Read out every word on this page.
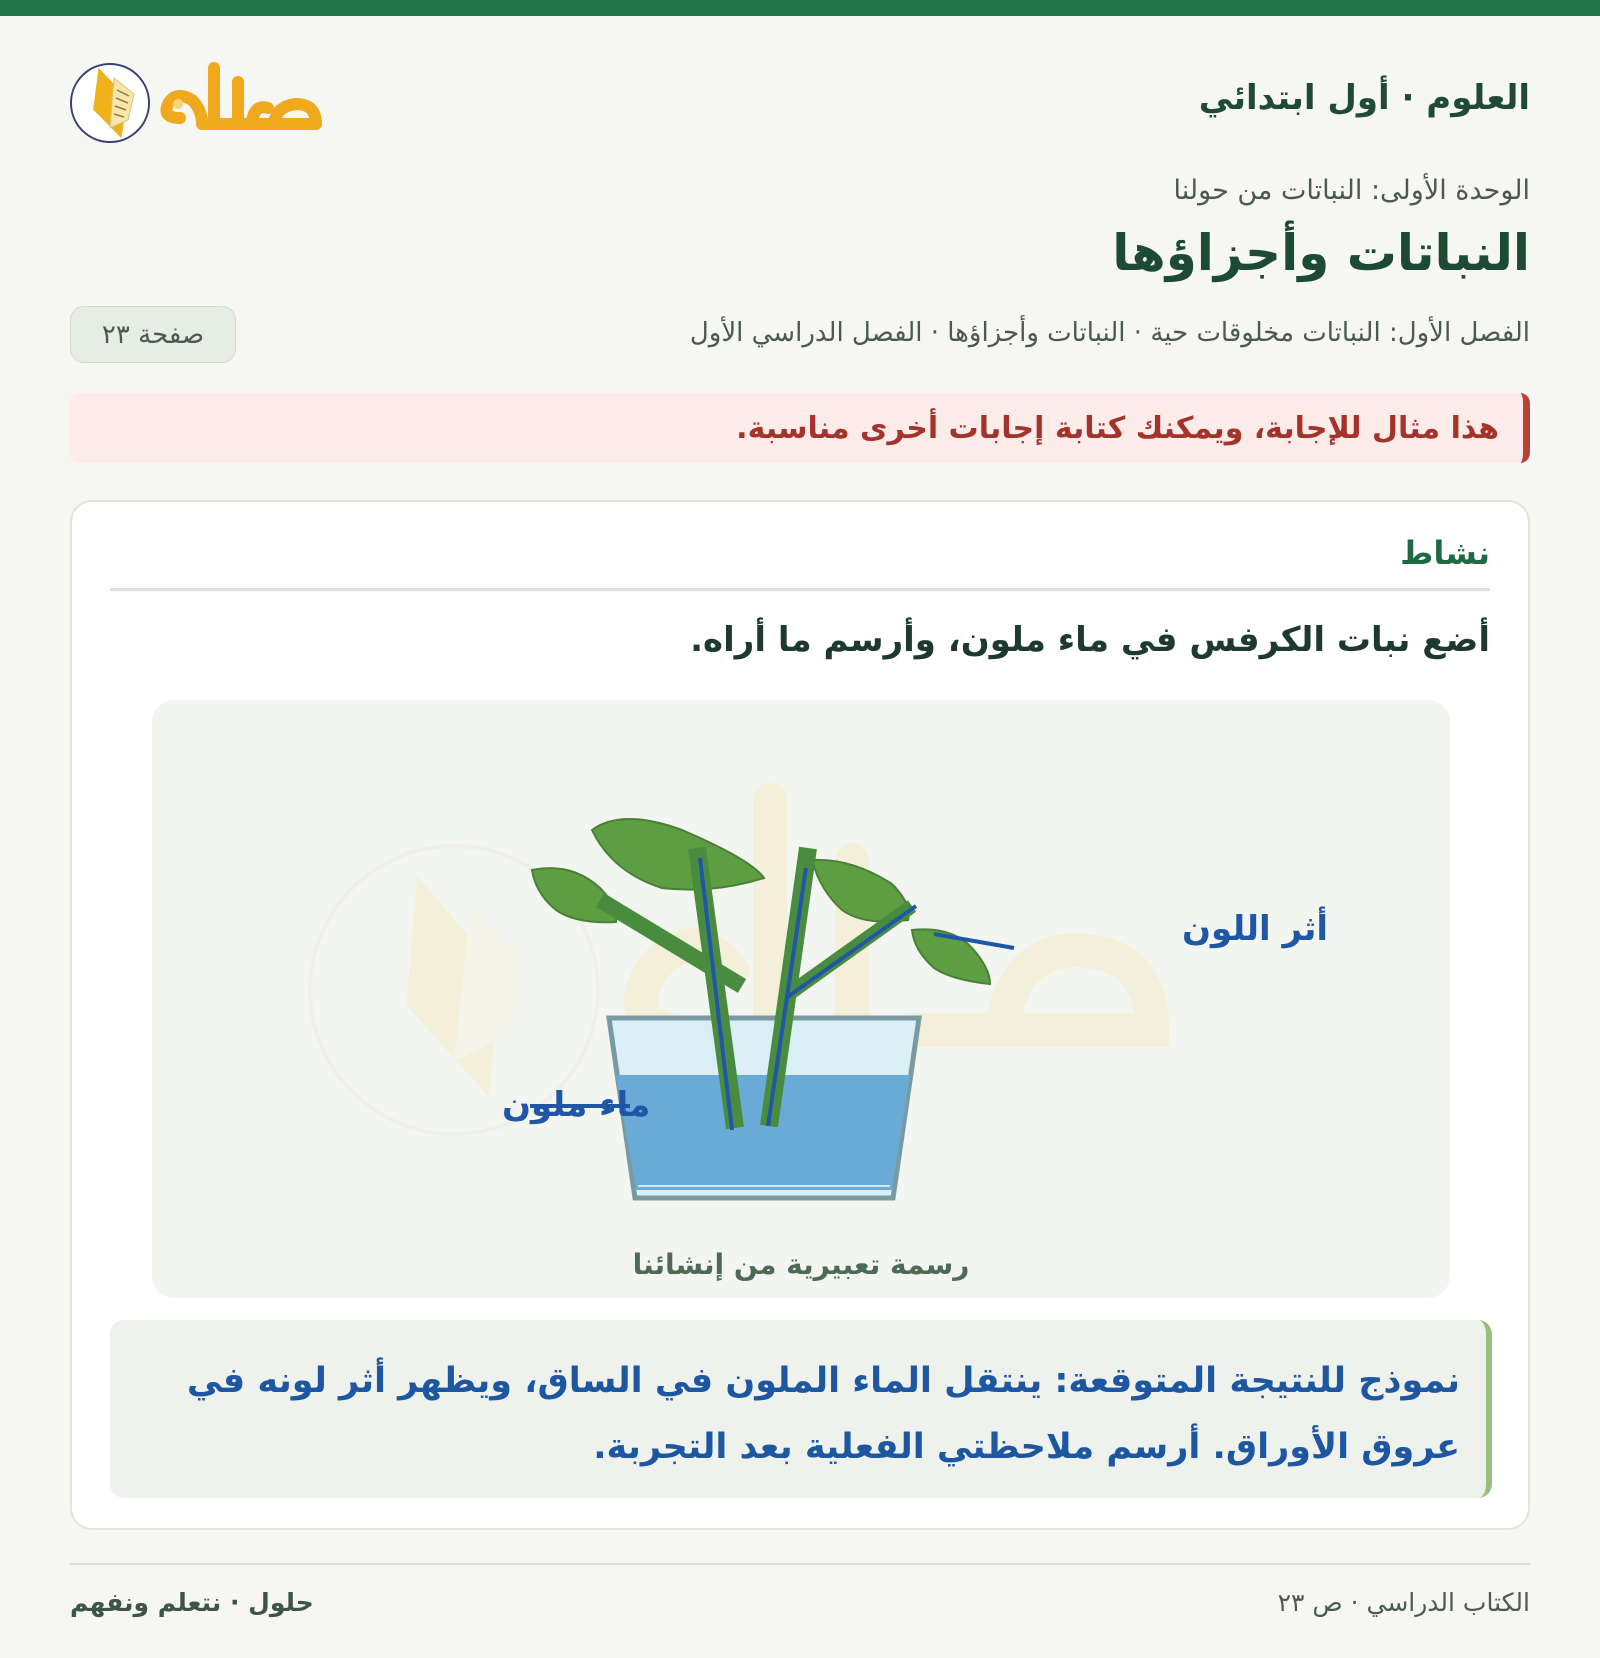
العلوم · أول ابتدائي
الوحدة الأولى: النباتات من حولنا
النباتات وأجزاؤها
الفصل الأول: النباتات مخلوقات حية · النباتات وأجزاؤها · الفصل الدراسي الأول
صفحة ٢٣
هذا مثال للإجابة، ويمكنك كتابة إجابات أخرى مناسبة.
نشاط
أضع نبات الكرفس في ماء ملون، وأرسم ما أراه.
أثر اللون
ماء ملون
رسمة تعبيرية من إنشائنا
نموذج للنتيجة المتوقعة: ينتقل الماء الملون في الساق، ويظهر أثر لونه في عروق الأوراق. أرسم ملاحظتي الفعلية بعد التجربة.
الكتاب الدراسي · ص ٢٣
حلول · نتعلم ونفهم
